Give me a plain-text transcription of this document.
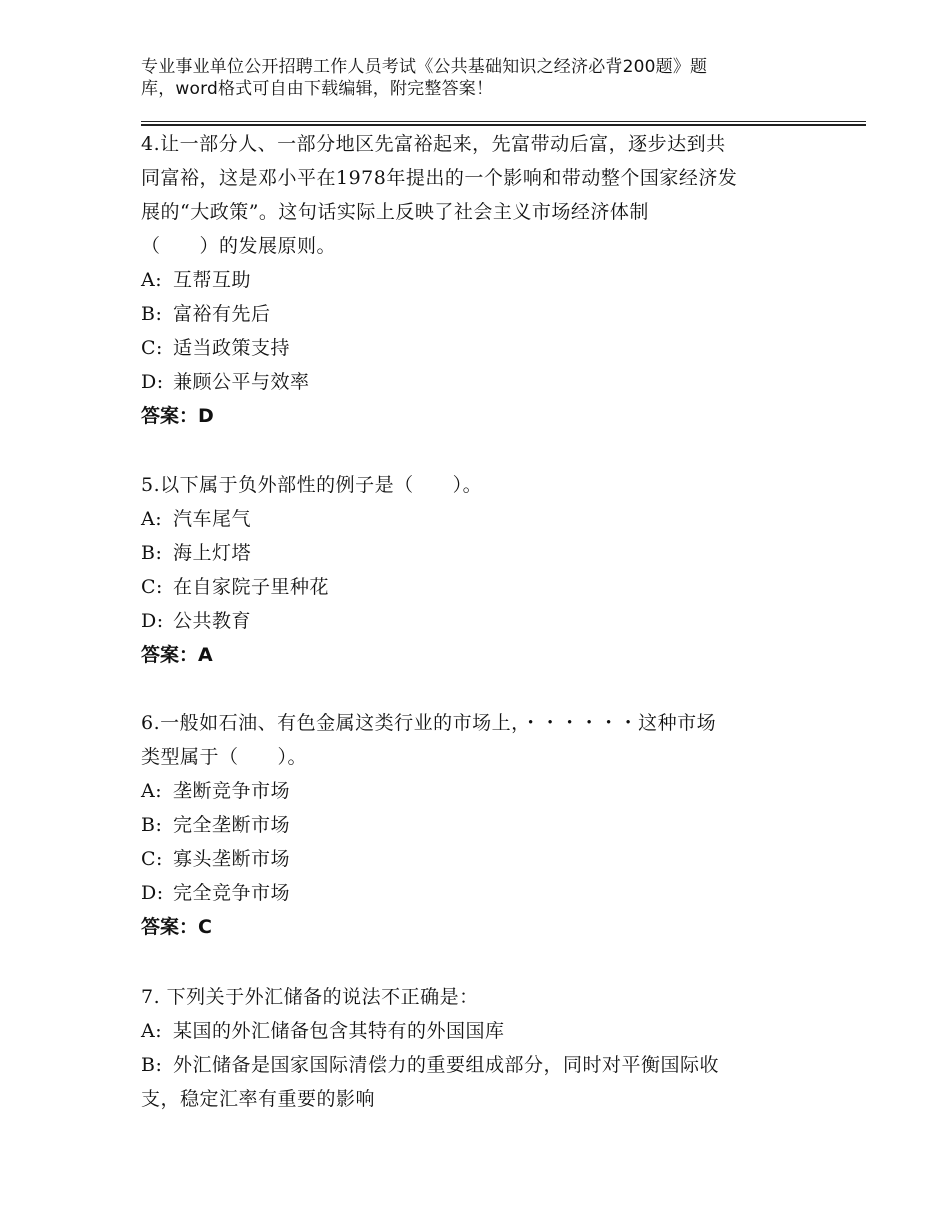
专业事业单位公开招聘工作人员考试《公共基础知识之经济必背200题》题
库，word格式可自由下载编辑，附完整答案！
4.让一部分人、一部分地区先富裕起来，先富带动后富，逐步达到共
同富裕，这是邓小平在1978年提出的一个影响和带动整个国家经济发
展的“大政策”。这句话实际上反映了社会主义市场经济体制
（　　）的发展原则。
A: 互帮互助
B: 富裕有先后
C: 适当政策支持
D: 兼顾公平与效率
答案：D
5.以下属于负外部性的例子是（　　）。
A: 汽车尾气
B: 海上灯塔
C: 在自家院子里种花
D: 公共教育
答案：A
6.一般如石油、有色金属这类行业的市场上，・・・・・・这种市场
类型属于（　　）。
A: 垄断竞争市场
B: 完全垄断市场
C: 寡头垄断市场
D: 完全竞争市场
答案：C
7. 下列关于外汇储备的说法不正确是：
A: 某国的外汇储备包含其特有的外国国库
B: 外汇储备是国家国际清偿力的重要组成部分，同时对平衡国际收
支，稳定汇率有重要的影响
